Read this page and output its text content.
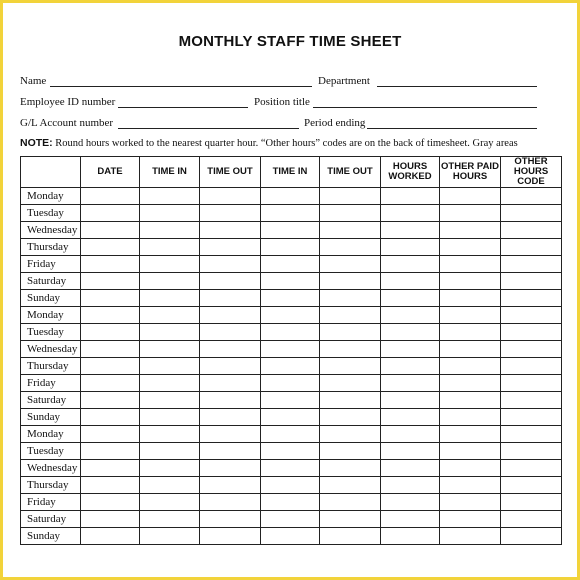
MONTHLY STAFF TIME SHEET
Name	Department
Employee ID number	Position title
G/L Account number	Period ending
NOTE: Round hours worked to the nearest quarter hour. “Other hours” codes are on the back of timesheet. Gray areas
	DATE	TIME IN	TIME OUT	TIME IN	TIME OUT	HOURS WORKED	OTHER PAID HOURS	OTHER HOURS CODE
Monday								
Tuesday								
Wednesday								
Thursday								
Friday								
Saturday								
Sunday								
Monday								
Tuesday								
Wednesday								
Thursday								
Friday								
Saturday								
Sunday								
Monday								
Tuesday								
Wednesday								
Thursday								
Friday								
Saturday								
Sunday								
